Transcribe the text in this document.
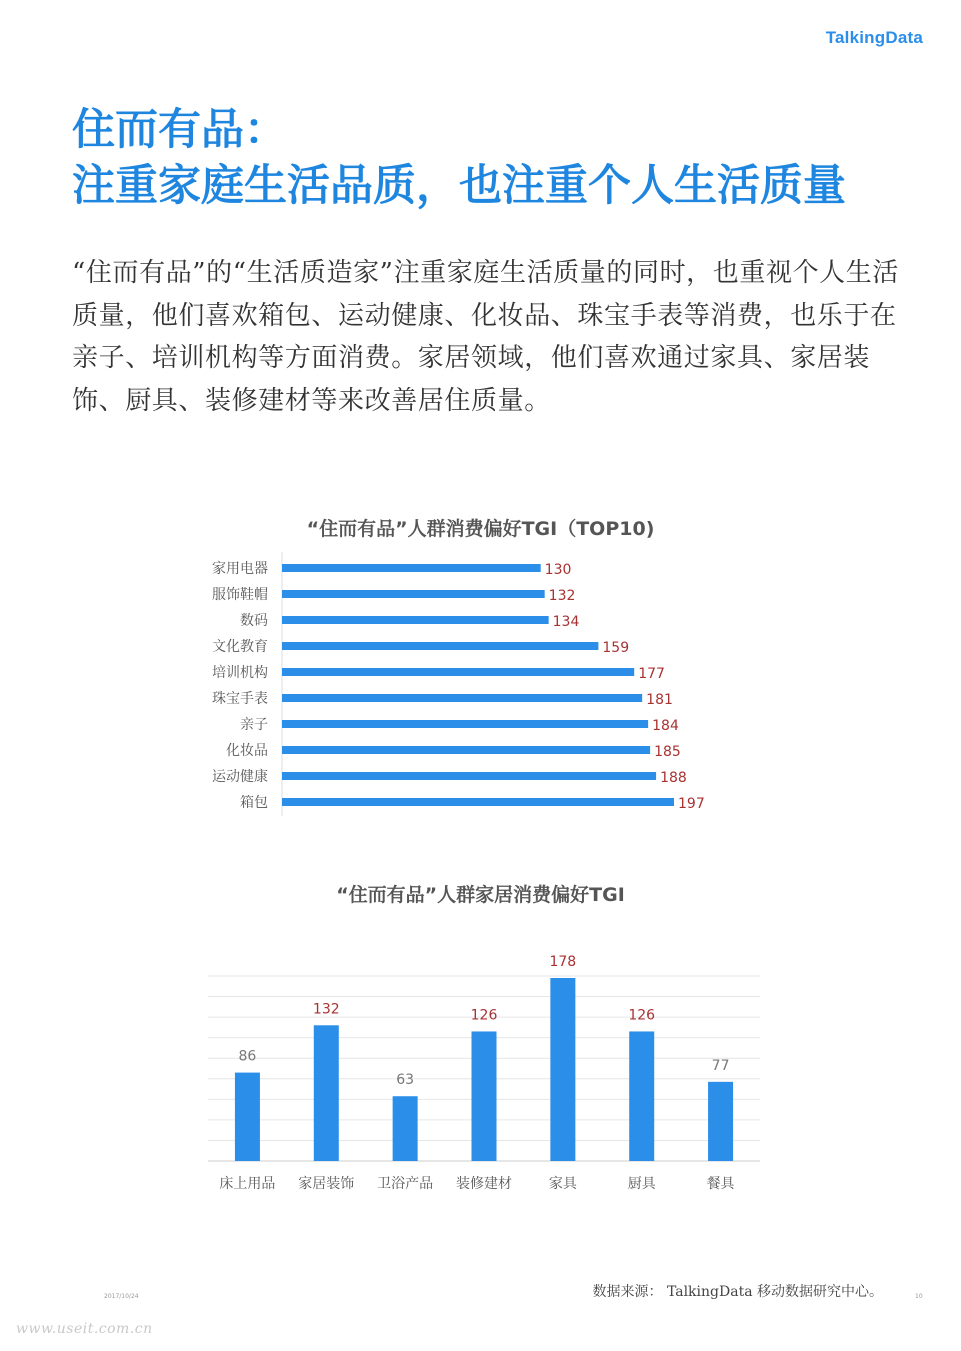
TalkingData
住而有品：
注重家庭生活品质，也注重个人生活质量
“住而有品”的“生活质造家”注重家庭生活质量的同时，也重视个人生活质量，他们喜欢箱包、运动健康、化妆品、珠宝手表等消费，也乐于在亲子、培训机构等方面消费。家居领域，他们喜欢通过家具、家居装饰、厨具、装修建材等来改善居住质量。
“住而有品”人群消费偏好TGI（TOP10)
家用电器	130
服饰鞋帽	132
数码	134
文化教育	159
培训机构	177
珠宝手表	181
亲子	184
化妆品	185
运动健康	188
箱包	197
“住而有品”人群家居消费偏好TGI
86
床上用品
132
家居装饰
63
卫浴产品
126
装修建材
178
家具
126
厨具
77
餐具
数据来源： TalkingData 移动数据研究中心。
2017/10/24	10
www.useit.com.cn
